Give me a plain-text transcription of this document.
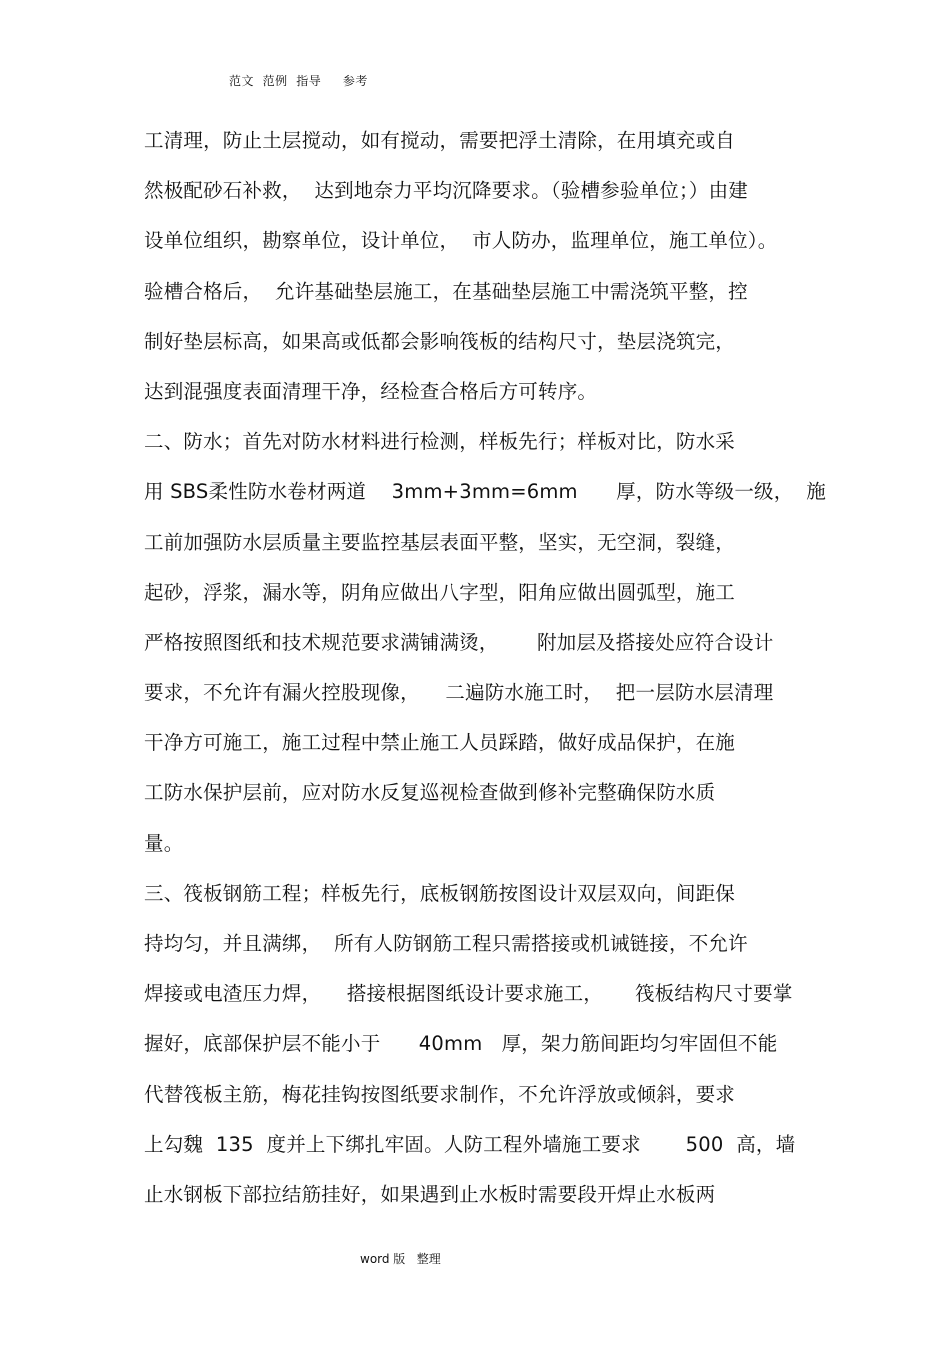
范文  范例  指导     参考
工清理，防止土层搅动，如有搅动，需要把浮土清除，在用填充或自
然极配砂石补救，  达到地奈力平均沉降要求。（验槽参验单位；）由建
设单位组织，勘察单位，设计单位，  市人防办，监理单位，施工单位）。
验槽合格后，  允许基础垫层施工，在基础垫层施工中需浇筑平整，控
制好垫层标高，如果高或低都会影响筏板的结构尺寸，垫层浇筑完，
达到混强度表面清理干净，经检查合格后方可转序。
二、防水；首先对防水材料进行检测，样板先行；样板对比，防水采
用 SBS柔性防水卷材两道    3mm+3mm=6mm      厚，防水等级一级，  施
工前加强防水层质量主要监控基层表面平整，坚实，无空洞，裂缝，
起砂，浮浆，漏水等，阴角应做出八字型，阳角应做出圆弧型，施工
严格按照图纸和技术规范要求满铺满烫，      附加层及搭接处应符合设计
要求，不允许有漏火控股现像，    二遍防水施工时，  把一层防水层清理
干净方可施工，施工过程中禁止施工人员踩踏，做好成品保护，在施
工防水保护层前，应对防水反复巡视检查做到修补完整确保防水质
量。
三、筏板钢筋工程；样板先行，底板钢筋按图设计双层双向，间距保
持均匀，并且满绑，  所有人防钢筋工程只需搭接或机诫链接，不允许
焊接或电渣压力焊，    搭接根据图纸设计要求施工，     筏板结构尺寸要掌
握好，底部保护层不能小于      40mm   厚，架力筋间距均匀牢固但不能
代替筏板主筋，梅花挂钩按图纸要求制作，不允许浮放或倾斜，要求
上勾魏  135  度并上下绑扎牢固。人防工程外墙施工要求       500  高，墙
止水钢板下部拉结筋挂好，如果遇到止水板时需要段开焊止水板两
word 版   整理
